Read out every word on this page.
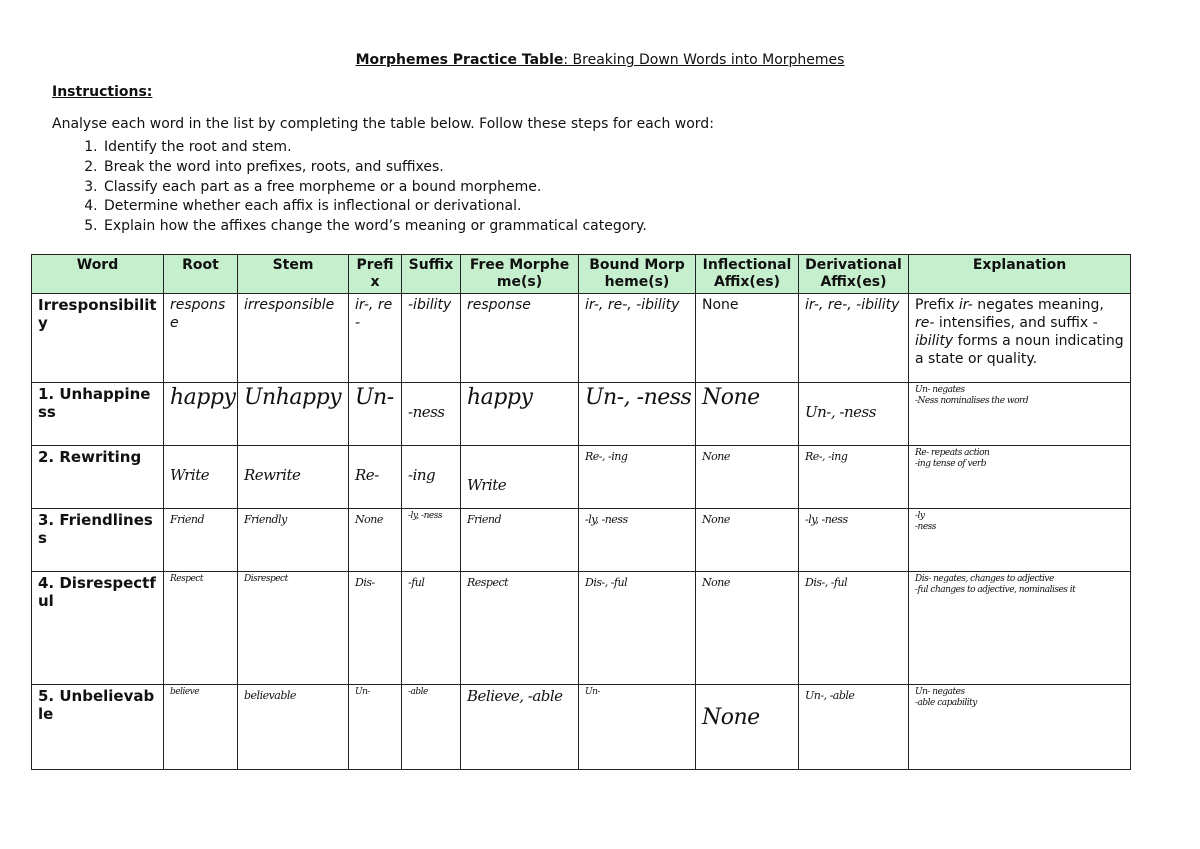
Morphemes Practice Table: Breaking Down Words into Morphemes
Instructions:
Analyse each word in the list by completing the table below. Follow these steps for each word:
1. Identify the root and stem.
2. Break the word into prefixes, roots, and suffixes.
3. Classify each part as a free morpheme or a bound morpheme.
4. Determine whether each affix is inflectional or derivational.
5. Explain how the affixes change the word’s meaning or grammatical category.
Word	Root	Stem	Prefix	Suffix	Free Morpheme(s)	Bound Morpheme(s)	Inflectional Affix(es)	Derivational Affix(es)	Explanation
Irresponsibility	response	irresponsible	ir-, re-	-ibility	response	ir-, re-, -ibility	None	ir-, re-, -ibility	Prefix ir- negates meaning, re- intensifies, and suffix -ibility forms a noun indicating a state or quality.
1. Unhappiness	happy	Unhappy	Un-	-ness	happy	Un-, -ness	None	Un-, -ness	Un- negates
-Ness nominalises the word

2. Rewriting	Write	Rewrite	Re-	-ing	Write	Re-, -ing	None	Re-, -ing	Re- repeats action
-ing tense of verb

3. Friendliness	Friend	Friendly	None	-ly, -ness	Friend	-ly, -ness	None	-ly, -ness	-ly
-ness

4. Disrespectful	Respect	Disrespect	Dis-	-ful	Respect	Dis-, -ful	None	Dis-, -ful	Dis- negates, changes to adjective
-ful changes to adjective, nominalises it

5. Unbelievable	believe	believable	Un-	-able	Believe, -able	Un-	None	Un-, -able	Un- negates
-able capability
